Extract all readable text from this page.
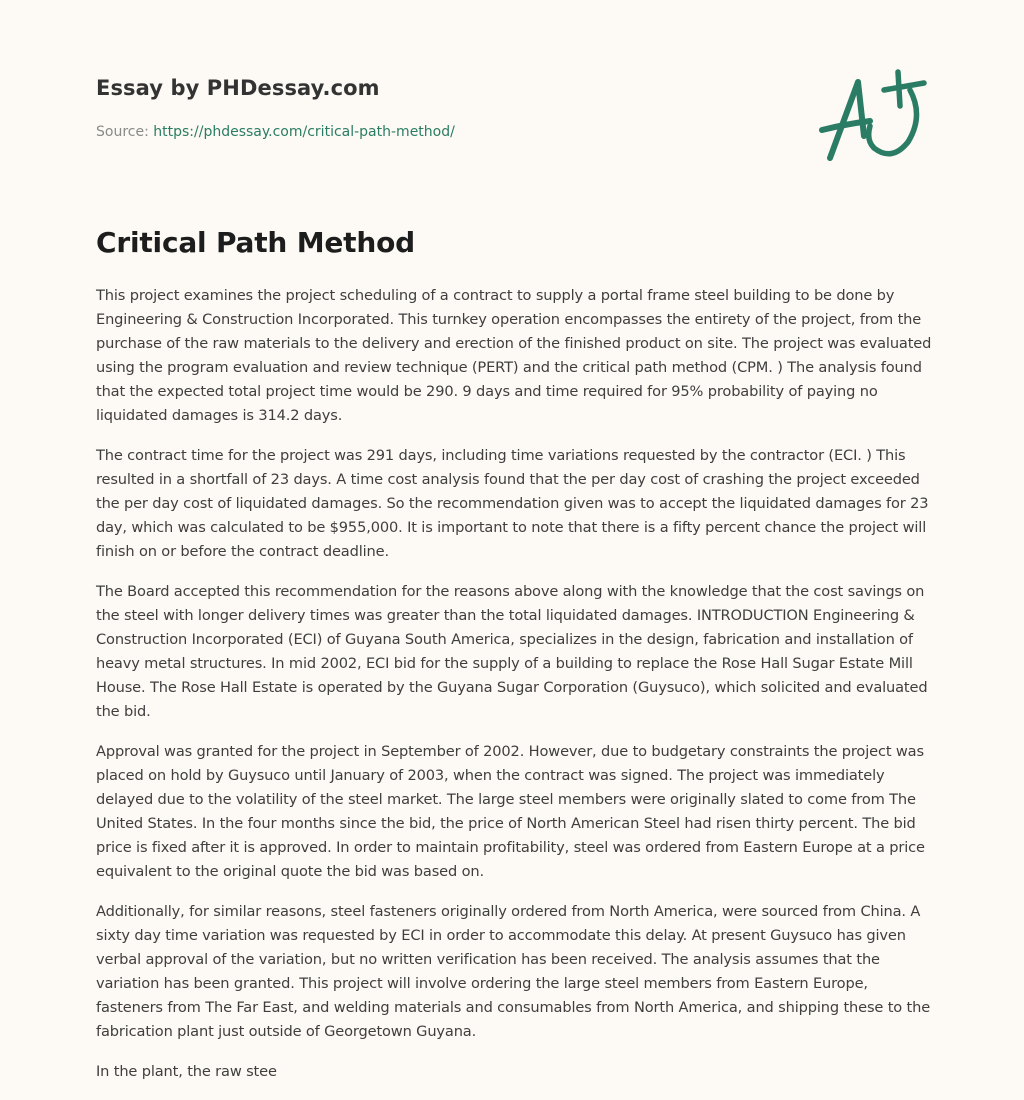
Essay by PHDessay.com
Source: https://phdessay.com/critical-path-method/
Critical Path Method

This project examines the project scheduling of a contract to supply a portal frame steel building to be done by Engineering & Construction Incorporated. This turnkey operation encompasses the entirety of the project, from the purchase of the raw materials to the delivery and erection of the finished product on site. The project was evaluated using the program evaluation and review technique (PERT) and the critical path method (CPM. ) The analysis found that the expected total project time would be 290. 9 days and time required for 95% probability of paying no liquidated damages is 314.2 days.

The contract time for the project was 291 days, including time variations requested by the contractor (ECI. ) This resulted in a shortfall of 23 days. A time cost analysis found that the per day cost of crashing the project exceeded the per day cost of liquidated damages. So the recommendation given was to accept the liquidated damages for 23 day, which was calculated to be $955,000. It is important to note that there is a fifty percent chance the project will finish on or before the contract deadline.

The Board accepted this recommendation for the reasons above along with the knowledge that the cost savings on the steel with longer delivery times was greater than the total liquidated damages. INTRODUCTION Engineering & Construction Incorporated (ECI) of Guyana South America, specializes in the design, fabrication and installation of heavy metal structures. In mid 2002, ECI bid for the supply of a building to replace the Rose Hall Sugar Estate Mill House. The Rose Hall Estate is operated by the Guyana Sugar Corporation (Guysuco), which solicited and evaluated the bid.

Approval was granted for the project in September of 2002. However, due to budgetary constraints the project was placed on hold by Guysuco until January of 2003, when the contract was signed. The project was immediately delayed due to the volatility of the steel market. The large steel members were originally slated to come from The United States. In the four months since the bid, the price of North American Steel had risen thirty percent. The bid price is fixed after it is approved. In order to maintain profitability, steel was ordered from Eastern Europe at a price equivalent to the original quote the bid was based on.

Additionally, for similar reasons, steel fasteners originally ordered from North America, were sourced from China. A sixty day time variation was requested by ECI in order to accommodate this delay. At present Guysuco has given verbal approval of the variation, but no written verification has been received. The analysis assumes that the variation has been granted. This project will involve ordering the large steel members from Eastern Europe, fasteners from The Far East, and welding materials and consumables from North America, and shipping these to the fabrication plant just outside of Georgetown Guyana.

In the plant, the raw stee
